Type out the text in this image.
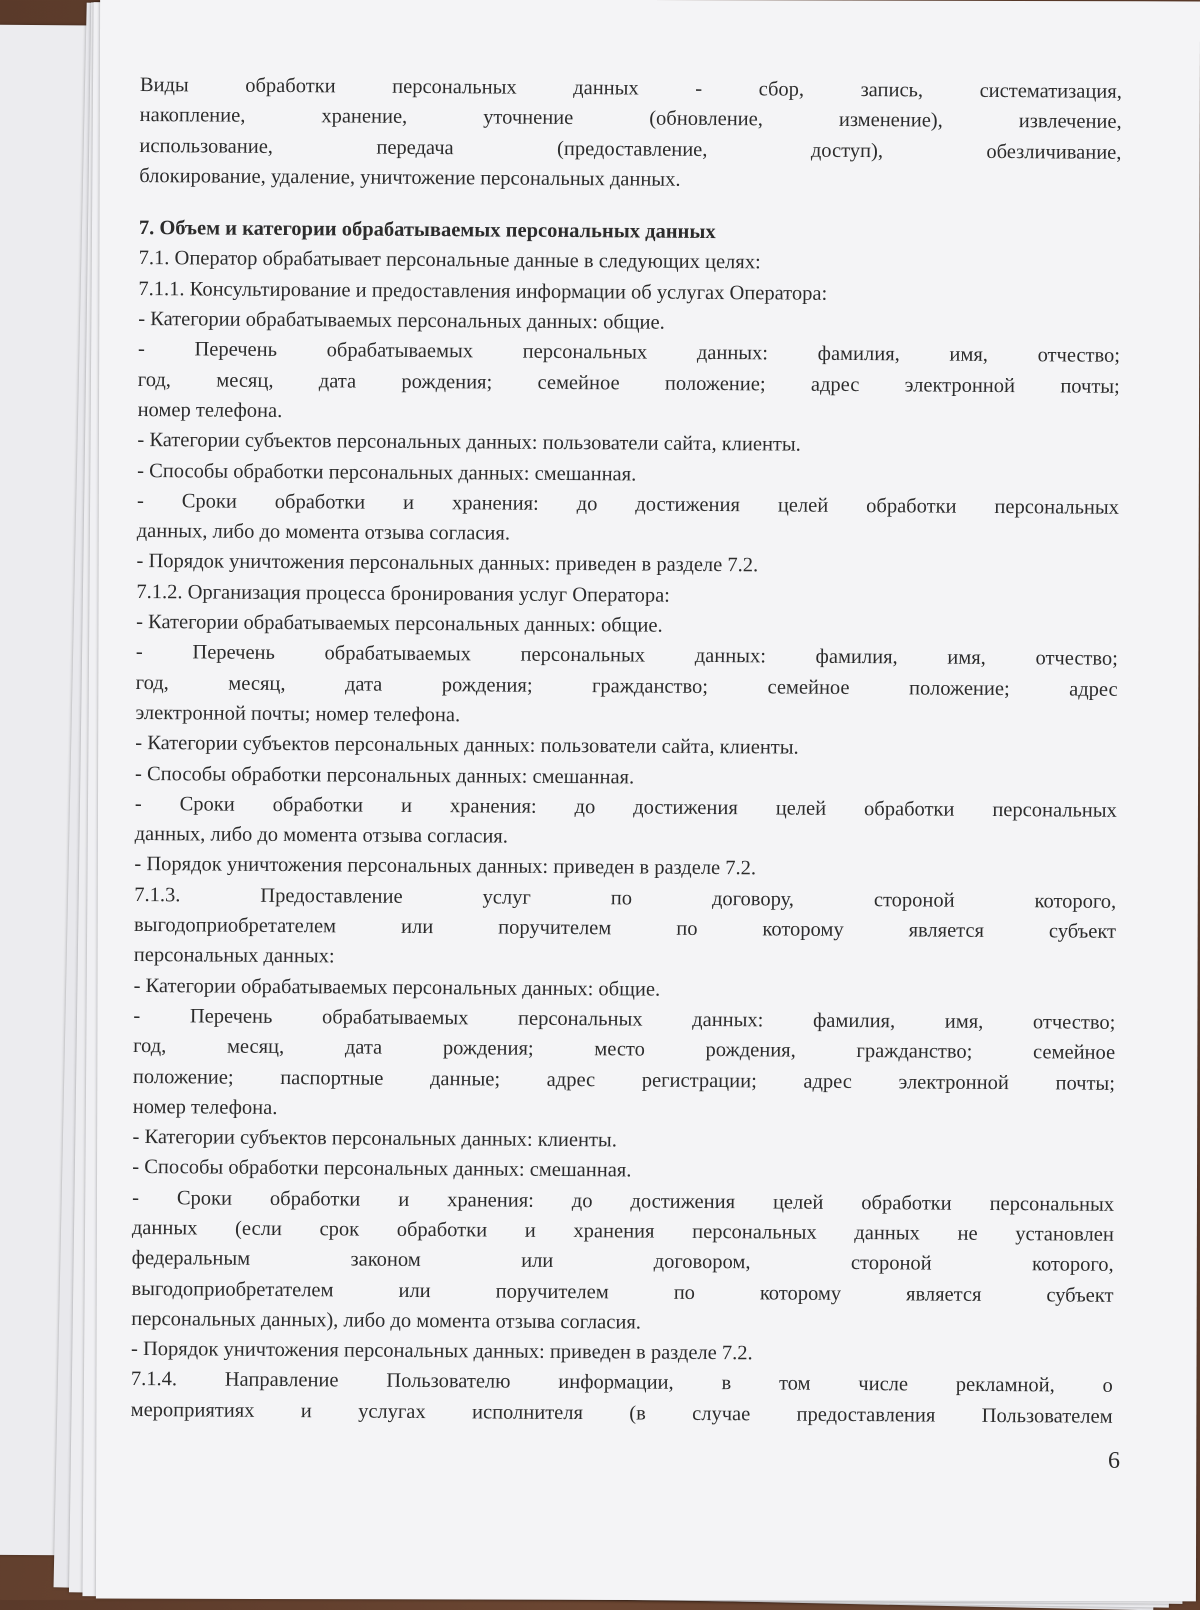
Виды обработки персональных данных - сбор, запись, систематизация,

накопление, хранение, уточнение (обновление, изменение), извлечение,

использование, передача (предоставление, доступ), обезличивание,

блокирование, удаление, уничтожение персональных данных.

7. Объем и категории обрабатываемых персональных данных

7.1. Оператор обрабатывает персональные данные в следующих целях:

7.1.1. Консультирование и предоставления информации об услугах Оператора:

- Категории обрабатываемых персональных данных: общие.

- Перечень обрабатываемых персональных данных: фамилия, имя, отчество;

год, месяц, дата рождения; семейное положение; адрес электронной почты;

номер телефона.

- Категории субъектов персональных данных: пользователи сайта, клиенты.

- Способы обработки персональных данных: смешанная.

- Сроки обработки и хранения: до достижения целей обработки персональных

данных, либо до момента отзыва согласия.

- Порядок уничтожения персональных данных: приведен в разделе 7.2.

7.1.2. Организация процесса бронирования услуг Оператора:

- Категории обрабатываемых персональных данных: общие.

- Перечень обрабатываемых персональных данных: фамилия, имя, отчество;

год, месяц, дата рождения; гражданство; семейное положение; адрес

электронной почты; номер телефона.

- Категории субъектов персональных данных: пользователи сайта, клиенты.

- Способы обработки персональных данных: смешанная.

- Сроки обработки и хранения: до достижения целей обработки персональных

данных, либо до момента отзыва согласия.

- Порядок уничтожения персональных данных: приведен в разделе 7.2.

7.1.3. Предоставление услуг по договору, стороной которого,

выгодоприобретателем или поручителем по которому является субъект

персональных данных:

- Категории обрабатываемых персональных данных: общие.

- Перечень обрабатываемых персональных данных: фамилия, имя, отчество;

год, месяц, дата рождения; место рождения, гражданство; семейное

положение; паспортные данные; адрес регистрации; адрес электронной почты;

номер телефона.

- Категории субъектов персональных данных: клиенты.

- Способы обработки персональных данных: смешанная.

- Сроки обработки и хранения: до достижения целей обработки персональных

данных (если срок обработки и хранения персональных данных не установлен

федеральным законом или договором, стороной которого,

выгодоприобретателем или поручителем по которому является субъект

персональных данных), либо до момента отзыва согласия.

- Порядок уничтожения персональных данных: приведен в разделе 7.2.

7.1.4. Направление Пользователю информации, в том числе рекламной, о

мероприятиях и услугах исполнителя (в случае предоставления Пользователем

6
